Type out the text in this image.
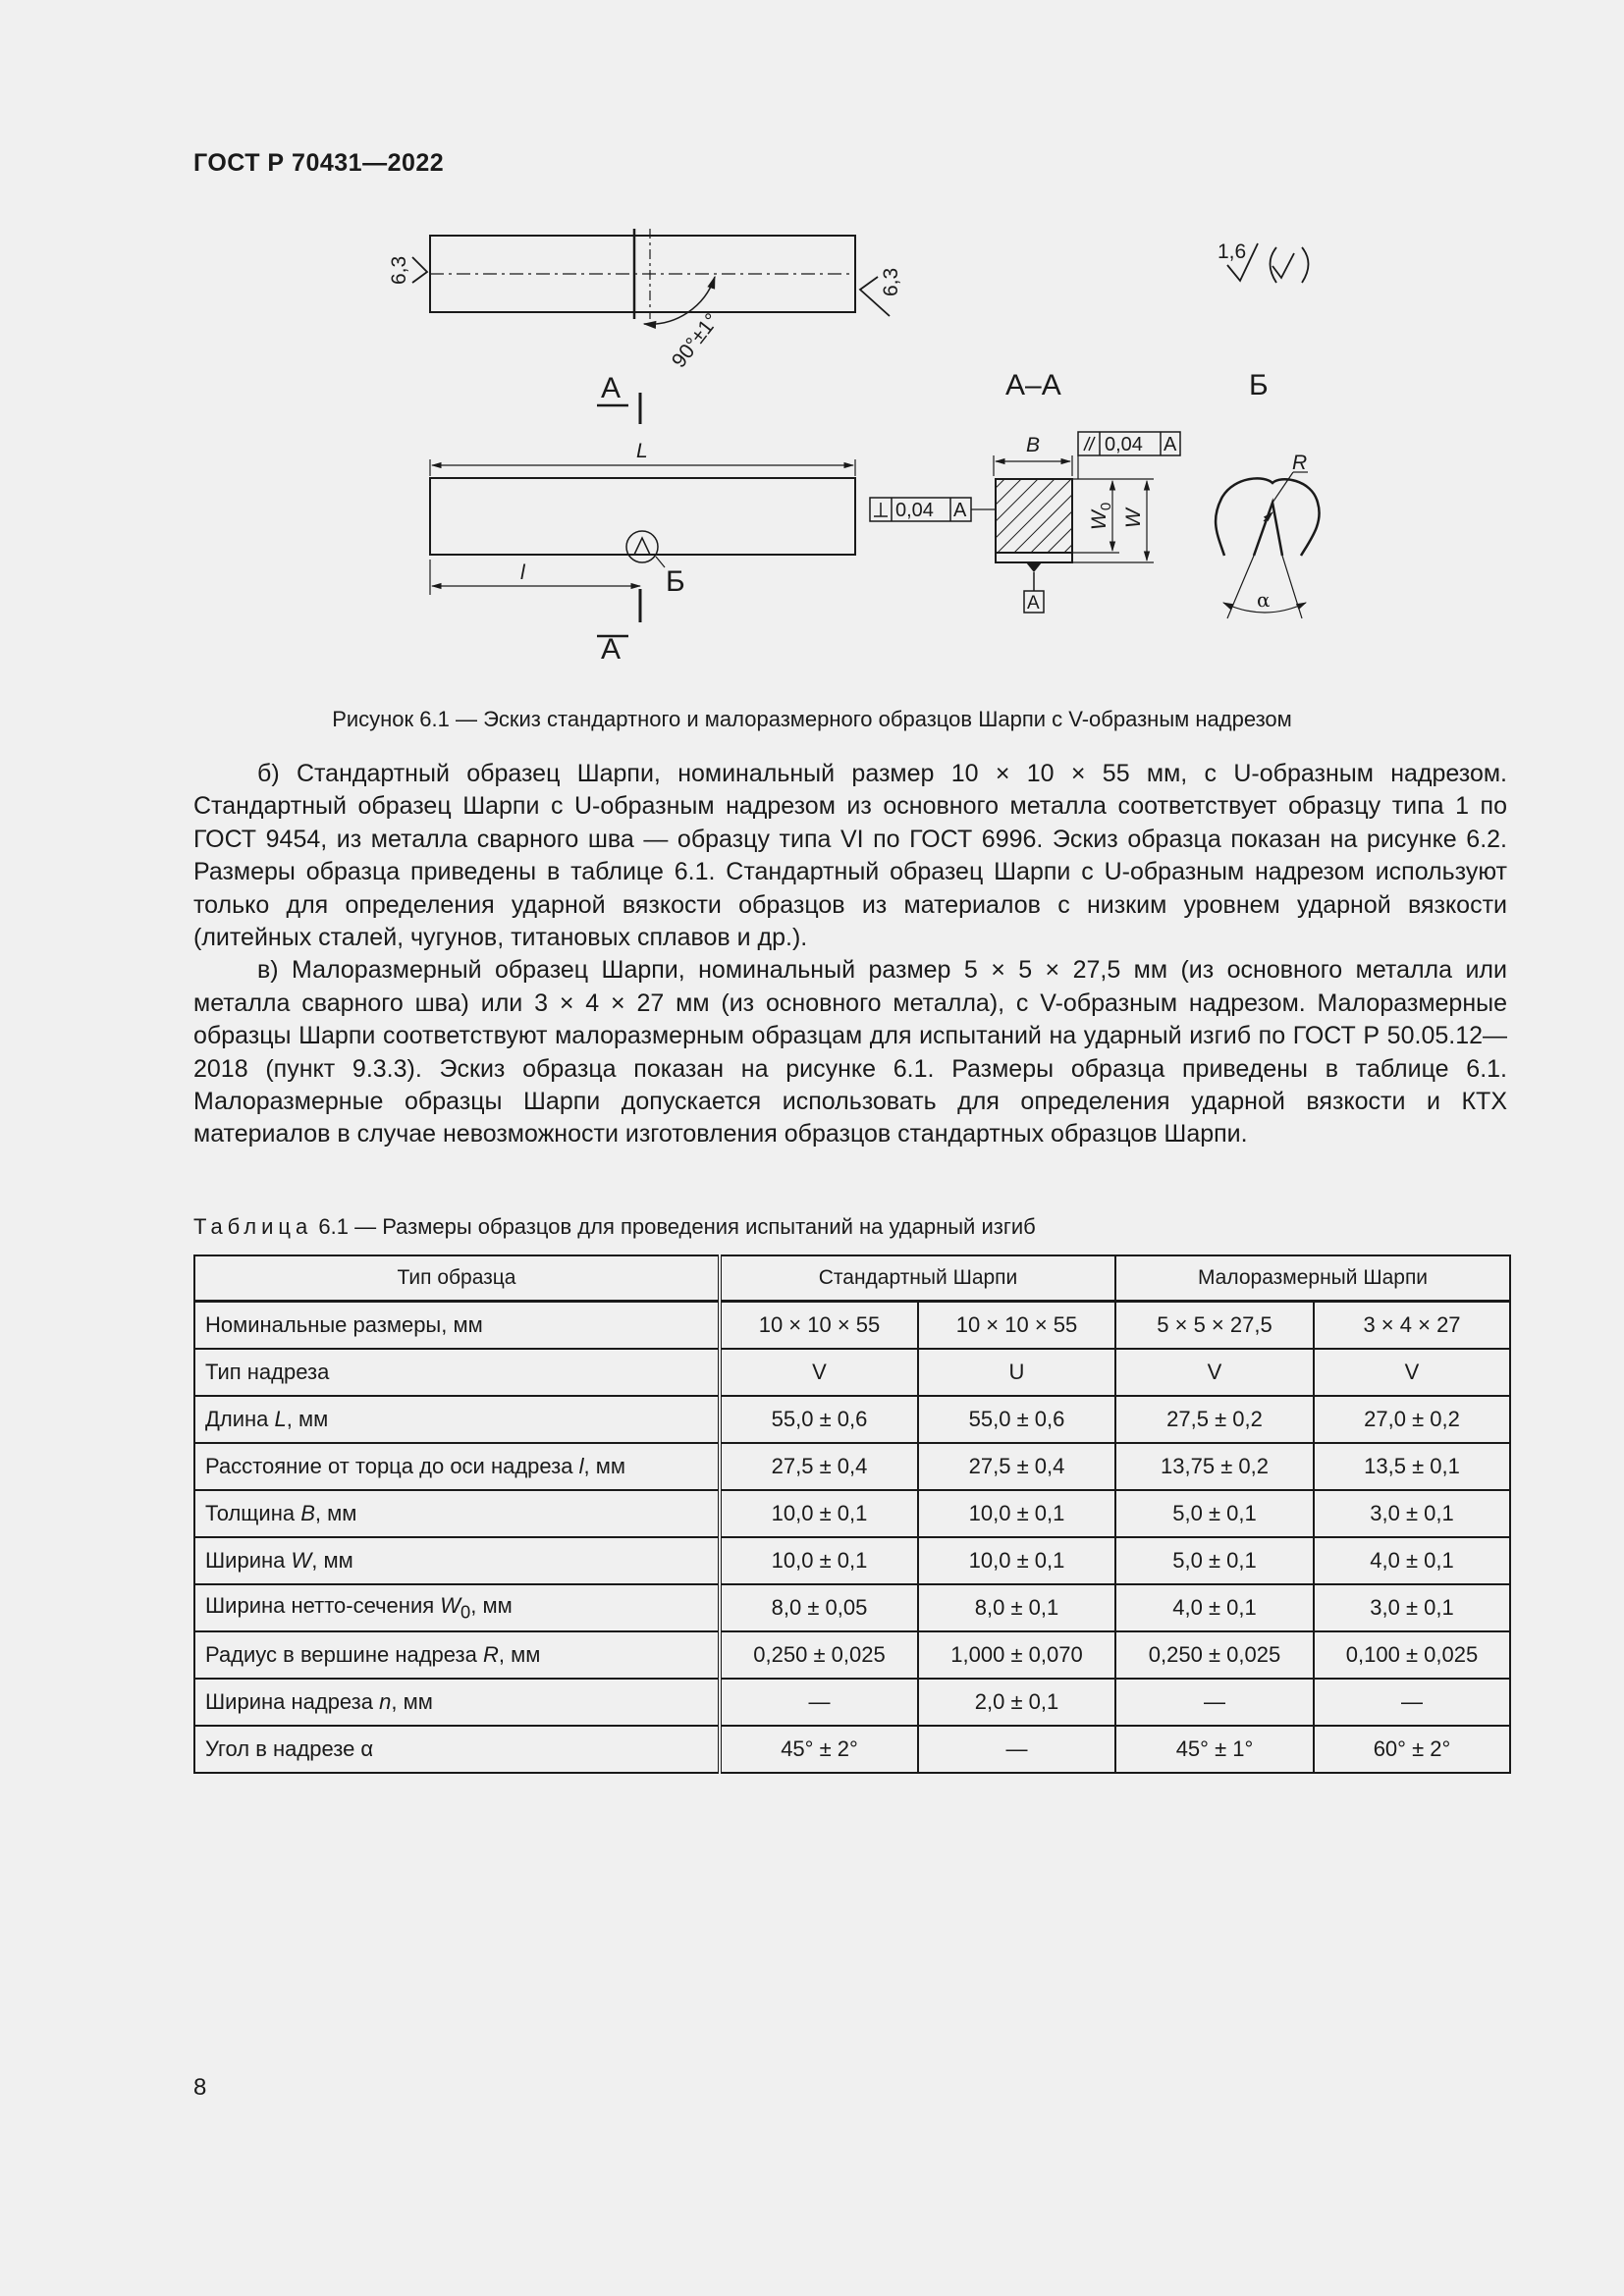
ГОСТ Р 70431—2022
90°±1°
6,3	6,3
1,6
А
L
Б
l
А
А–А
B	0,04 A
0,04 A	$W_0$
W
A
Б
R
α
Рисунок 6.1 — Эскиз стандартного и малоразмерного образцов Шарпи с V-образным надрезом

б) Стандартный образец Шарпи, номинальный размер 10 × 10 × 55 мм, с U-образным надрезом. Стандартный образец Шарпи с U-образным надрезом из основного металла соответствует образцу типа 1 по ГОСТ 9454, из металла сварного шва — образцу типа VI по ГОСТ 6996. Эскиз образца показан на рисунке 6.2. Размеры образца приведены в таблице 6.1. Стандартный образец Шарпи с U-образным надрезом используют только для определения ударной вязкости образцов из материалов с низким уровнем ударной вязкости (литейных сталей, чугунов, титановых сплавов и др.).

в) Малоразмерный образец Шарпи, номинальный размер 5 × 5 × 27,5 мм (из основного металла или металла сварного шва) или 3 × 4 × 27 мм (из основного металла), с V-образным надрезом. Малоразмерные образцы Шарпи соответствуют малоразмерным образцам для испытаний на ударный изгиб по ГОСТ Р 50.05.12—2018 (пункт 9.3.3). Эскиз образца показан на рисунке 6.1. Размеры образца приведены в таблице 6.1. Малоразмерные образцы Шарпи допускается использовать для определения ударной вязкости и КТХ материалов в случае невозможности изготовления образцов стандартных образцов Шарпи.

Таблица 6.1 — Размеры образцов для проведения испытаний на ударный изгиб
Тип образца	Стандартный Шарпи		Малоразмерный Шарпи	
Номинальные размеры, мм	10 × 10 × 55	10 × 10 × 55	5 × 5 × 27,5	3 × 4 × 27
Тип надреза	V	U	V	V
Длина L, мм	55,0 ± 0,6	55,0 ± 0,6	27,5 ± 0,2	27,0 ± 0,2
Расстояние от торца до оси надреза l, мм	27,5 ± 0,4	27,5 ± 0,4	13,75 ± 0,2	13,5 ± 0,1
Толщина B, мм	10,0 ± 0,1	10,0 ± 0,1	5,0 ± 0,1	3,0 ± 0,1
Ширина W, мм	10,0 ± 0,1	10,0 ± 0,1	5,0 ± 0,1	4,0 ± 0,1
Ширина нетто-сечения $W_0$, мм	8,0 ± 0,05	8,0 ± 0,1	4,0 ± 0,1	3,0 ± 0,1
Радиус в вершине надреза R, мм	0,250 ± 0,025	1,000 ± 0,070	0,250 ± 0,025	0,100 ± 0,025
Ширина надреза n, мм	—	2,0 ± 0,1	—	—
Угол в надрезе α	45° ± 2°	—	45° ± 1°	60° ± 2°
8
